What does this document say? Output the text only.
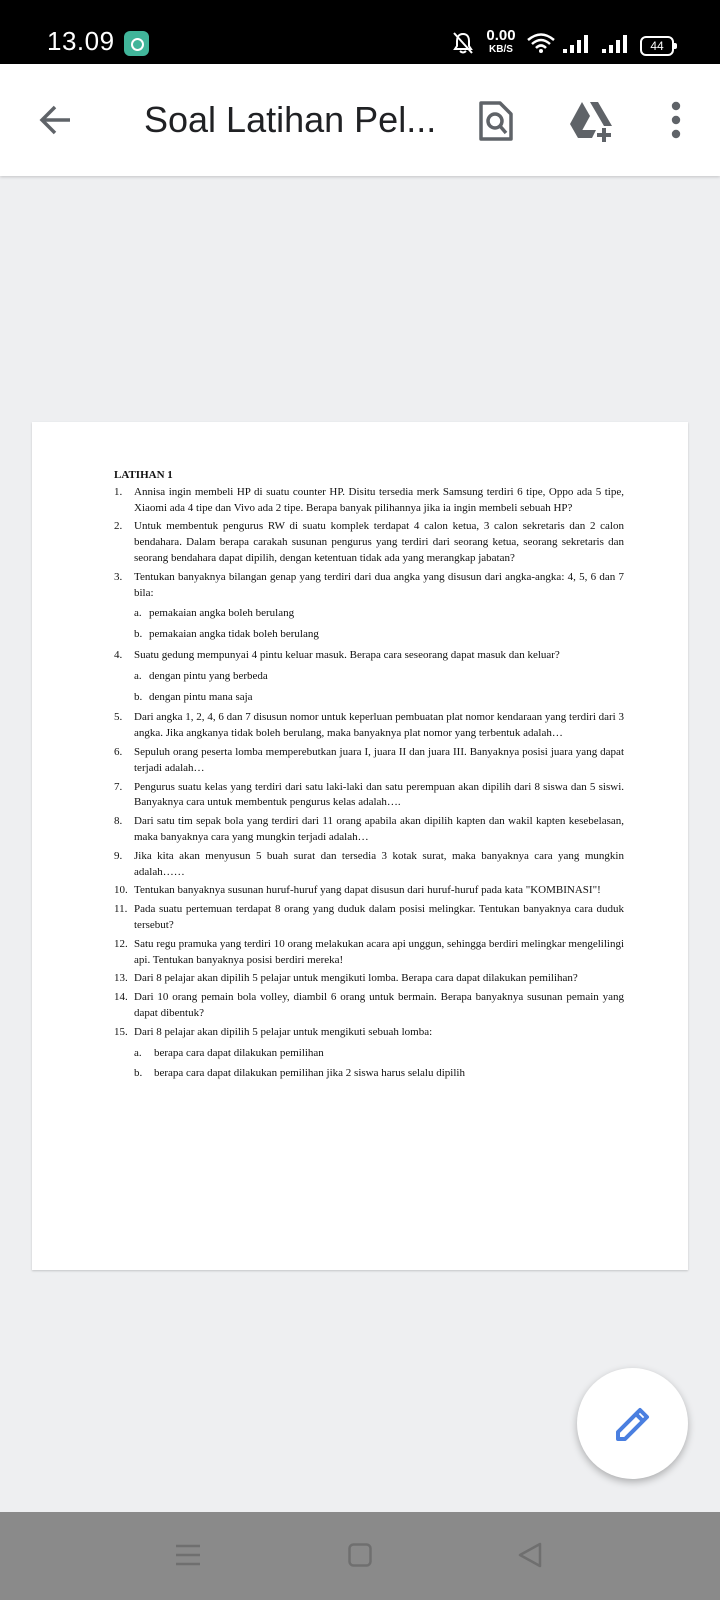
13.09	0.00
KB/S	44
Soal Latihan Pel...
LATIHAN 1
1.	Annisa ingin membeli HP di suatu counter HP. Disitu tersedia merk Samsung terdiri 6 tipe, Oppo ada 5 tipe, Xiaomi ada 4 tipe dan Vivo ada 2 tipe. Berapa banyak pilihannya jika ia ingin membeli sebuah HP?
2.	Untuk membentuk pengurus RW di suatu komplek terdapat 4 calon ketua, 3 calon sekretaris dan 2 calon bendahara. Dalam berapa carakah susunan pengurus yang terdiri dari seorang ketua, seorang sekretaris dan seorang bendahara dapat dipilih, dengan ketentuan tidak ada yang merangkap jabatan?
3.	Tentukan banyaknya bilangan genap yang terdiri dari dua angka yang disusun dari angka-angka: 4, 5, 6 dan 7 bila:
a. pemakaian angka boleh berulang
b. pemakaian angka tidak boleh berulang
4.	Suatu gedung mempunyai 4 pintu keluar masuk. Berapa cara seseorang dapat masuk dan keluar?
a. dengan pintu yang berbeda
b. dengan pintu mana saja
5.	Dari angka 1, 2, 4, 6 dan 7 disusun nomor untuk keperluan pembuatan plat nomor kendaraan yang terdiri dari 3 angka. Jika angkanya tidak boleh berulang, maka banyaknya plat nomor yang terbentuk adalah…
6.	Sepuluh orang peserta lomba memperebutkan juara I, juara II dan juara III. Banyaknya posisi juara yang dapat terjadi adalah…
7.	Pengurus suatu kelas yang terdiri dari satu laki-laki dan satu perempuan akan dipilih dari 8 siswa dan 5 siswi. Banyaknya cara untuk membentuk pengurus kelas adalah….
8.	Dari satu tim sepak bola yang terdiri dari 11 orang apabila akan dipilih kapten dan wakil kapten kesebelasan, maka banyaknya cara yang mungkin terjadi adalah…
9.	Jika kita akan menyusun 5 buah surat dan tersedia 3 kotak surat, maka banyaknya cara yang mungkin adalah……
10. Tentukan banyaknya susunan huruf-huruf yang dapat disusun dari huruf-huruf pada kata "KOMBINASI"!
11. Pada suatu pertemuan terdapat 8 orang yang duduk dalam posisi melingkar. Tentukan banyaknya cara duduk tersebut?
12. Satu regu pramuka yang terdiri 10 orang melakukan acara api unggun, sehingga berdiri melingkar mengelilingi api. Tentukan banyaknya posisi berdiri mereka!
13. Dari 8 pelajar akan dipilih 5 pelajar untuk mengikuti lomba. Berapa cara dapat dilakukan pemilihan?
14. Dari 10 orang pemain bola volley, diambil 6 orang untuk bermain. Berapa banyaknya susunan pemain yang dapat dibentuk?
15. Dari 8 pelajar akan dipilih 5 pelajar untuk mengikuti sebuah lomba:
a.	berapa cara dapat dilakukan pemilihan
b.	berapa cara dapat dilakukan pemilihan jika 2 siswa harus selalu dipilih
